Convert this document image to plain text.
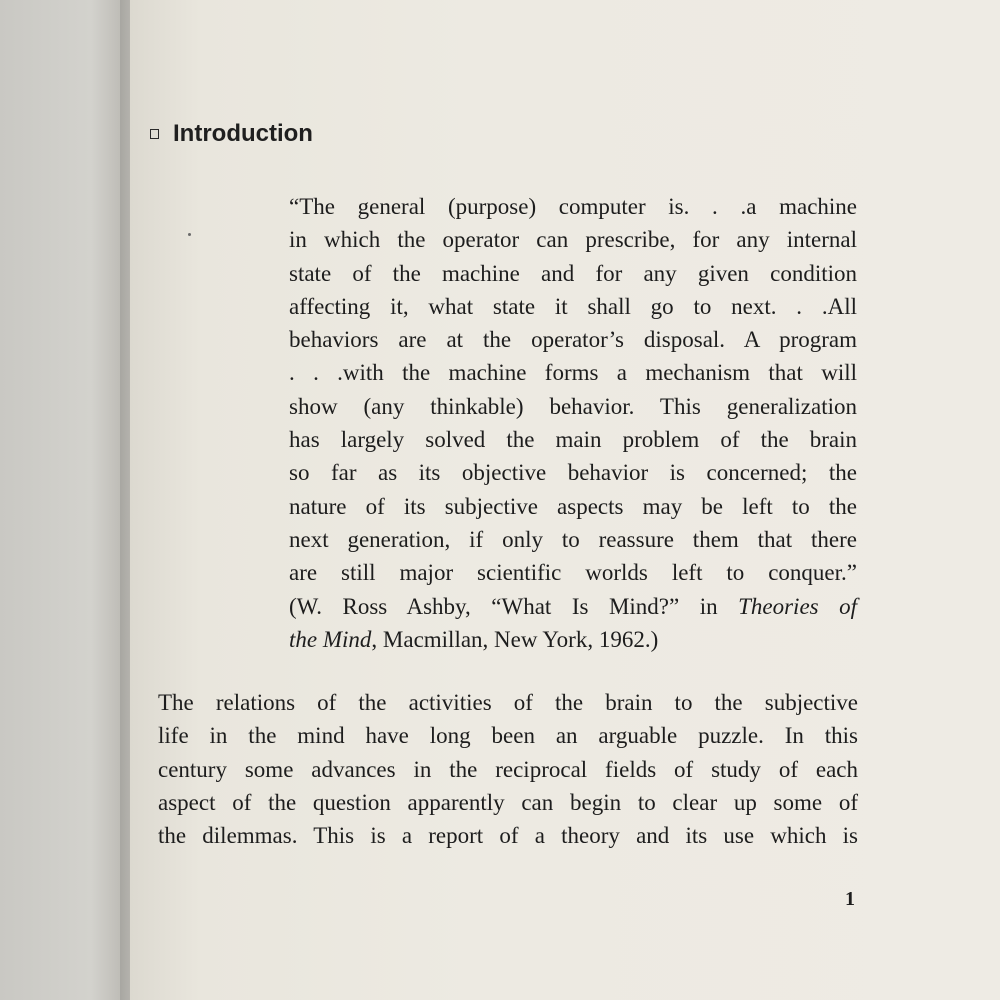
Introduction
“The general (purpose) computer is. . .a machine
in which the operator can prescribe, for any internal
state of the machine and for any given condition
affecting it, what state it shall go to next. . .All
behaviors are at the operator’s disposal. A program
. . .with the machine forms a mechanism that will
show (any thinkable) behavior. This generalization
has largely solved the main problem of the brain
so far as its objective behavior is concerned; the
nature of its subjective aspects may be left to the
next generation, if only to reassure them that there
are still major scientific worlds left to conquer.”
(W. Ross Ashby, “What Is Mind?” in Theories of
the Mind, Macmillan, New York, 1962.)
The relations of the activities of the brain to the subjective
life in the mind have long been an arguable puzzle. In this
century some advances in the reciprocal fields of study of each
aspect of the question apparently can begin to clear up some of
the dilemmas. This is a report of a theory and its use which is
1
